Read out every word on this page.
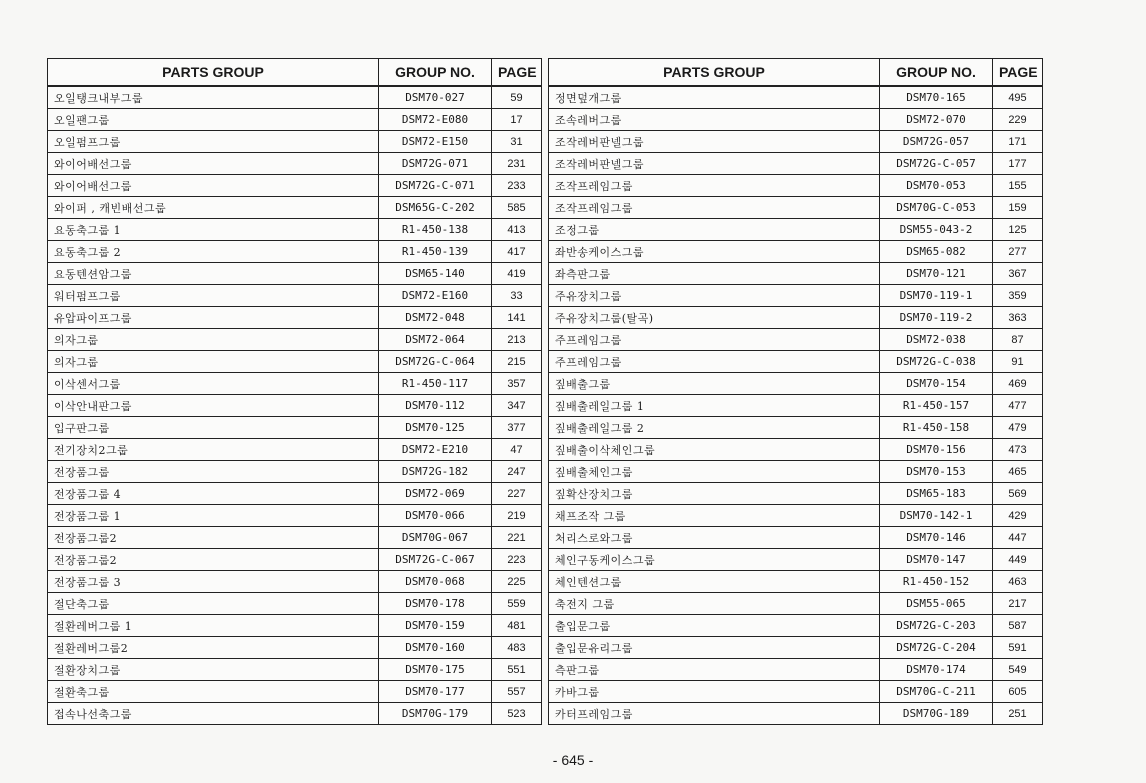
PARTS GROUP	GROUP NO.	PAGE
오일탱크내부그룹	DSM70-027	59
오일팬그룹	DSM72-E080	17
오일펌프그룹	DSM72-E150	31
와이어배선그룹	DSM72G-071	231
와이어배선그룹	DSM72G-C-071	233
와이퍼 , 캐빈배선그룹	DSM65G-C-202	585
요동축그룹 1	R1-450-138	413
요동축그룹 2	R1-450-139	417
요동텐션암그룹	DSM65-140	419
워터펌프그룹	DSM72-E160	33
유압파이프그룹	DSM72-048	141
의자그룹	DSM72-064	213
의자그룹	DSM72G-C-064	215
이삭센서그룹	R1-450-117	357
이삭안내판그룹	DSM70-112	347
입구판그룹	DSM70-125	377
전기장치2그룹	DSM72-E210	47
전장품그룹	DSM72G-182	247
전장품그룹 4	DSM72-069	227
전장품그룹 1	DSM70-066	219
전장품그룹2	DSM70G-067	221
전장품그룹2	DSM72G-C-067	223
전장품그룹 3	DSM70-068	225
절단축그룹	DSM70-178	559
절환레버그룹 1	DSM70-159	481
절환레버그룹2	DSM70-160	483
절환장치그룹	DSM70-175	551
절환축그룹	DSM70-177	557
접속나선축그룹	DSM70G-179	523
PARTS GROUP	GROUP NO.	PAGE
정면덮개그룹	DSM70-165	495
조속레버그룹	DSM72-070	229
조작레버판넬그룹	DSM72G-057	171
조작레버판넬그룹	DSM72G-C-057	177
조작프레임그룹	DSM70-053	155
조작프레임그룹	DSM70G-C-053	159
조정그룹	DSM55-043-2	125
좌반송케이스그룹	DSM65-082	277
좌측판그룹	DSM70-121	367
주유장치그룹	DSM70-119-1	359
주유장치그룹(탈곡)	DSM70-119-2	363
주프레임그룹	DSM72-038	87
주프레임그룹	DSM72G-C-038	91
짚배출그룹	DSM70-154	469
짚배출레일그룹 1	R1-450-157	477
짚배출레일그룹 2	R1-450-158	479
짚배출이삭체인그룹	DSM70-156	473
짚배출체인그룹	DSM70-153	465
짚확산장치그룹	DSM65-183	569
채프조작 그룹	DSM70-142-1	429
처리스로와그룹	DSM70-146	447
체인구동케이스그룹	DSM70-147	449
체인텐션그룹	R1-450-152	463
축전지 그룹	DSM55-065	217
출입문그룹	DSM72G-C-203	587
출입문유리그룹	DSM72G-C-204	591
측판그룹	DSM70-174	549
카바그룹	DSM70G-C-211	605
카터프레임그룹	DSM70G-189	251
- 645 -
